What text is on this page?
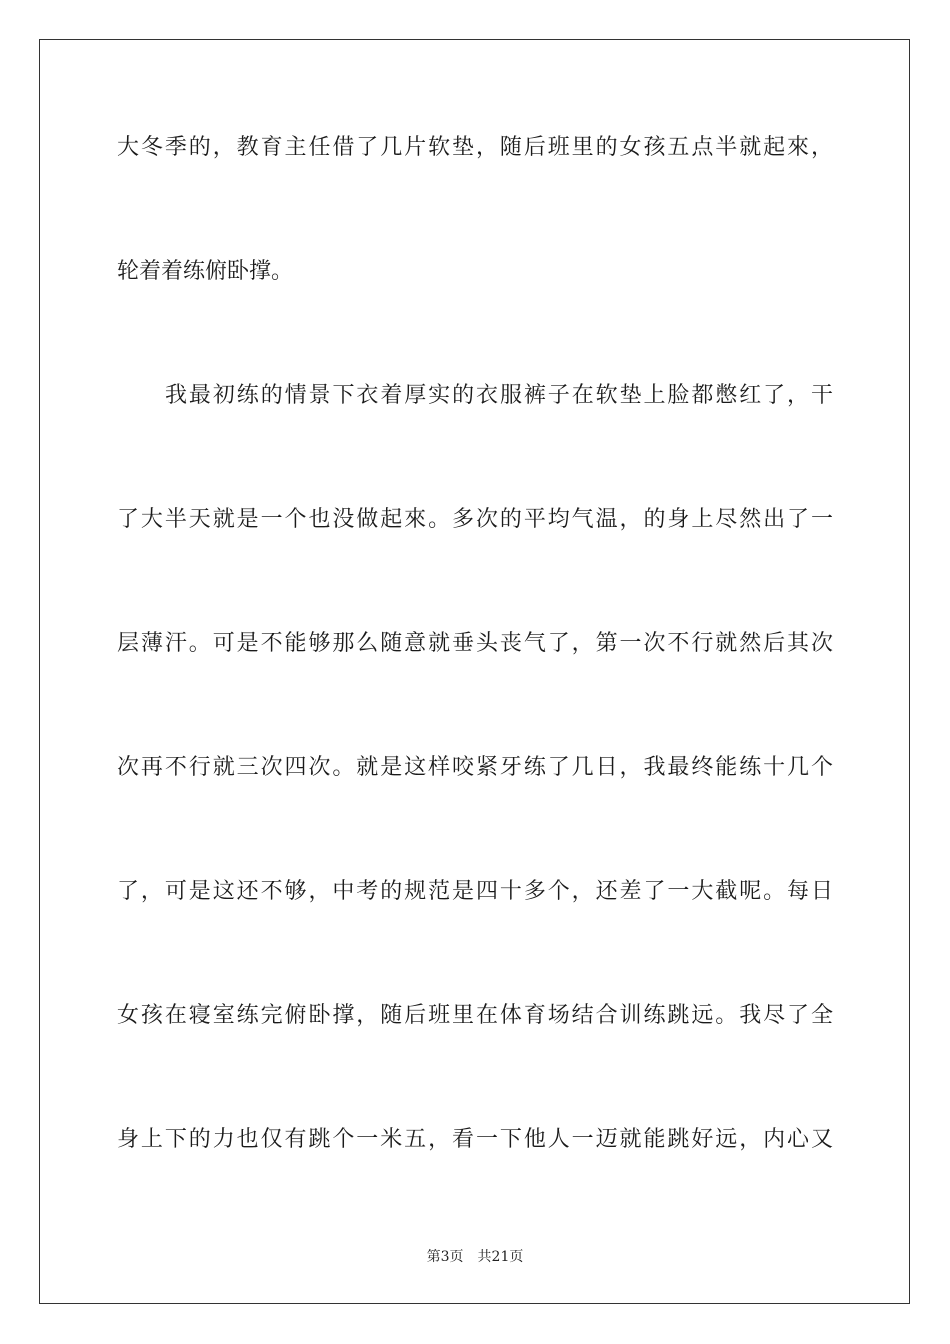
大冬季的，教育主任借了几片软垫，随后班里的女孩五点半就起來，
轮着着练俯卧撑。
我最初练的情景下衣着厚实的衣服裤子在软垫上脸都憋红了，干
了大半天就是一个也没做起來。多次的平均气温，的身上尽然出了一
层薄汗。可是不能够那么随意就垂头丧气了，第一次不行就然后其次
次再不行就三次四次。就是这样咬紧牙练了几日，我最终能练十几个
了，可是这还不够，中考的规范是四十多个，还差了一大截呢。每日
女孩在寝室练完俯卧撑，随后班里在体育场结合训练跳远。我尽了全
身上下的力也仅有跳个一米五，看一下他人一迈就能跳好远，内心又
第3页 共21页
